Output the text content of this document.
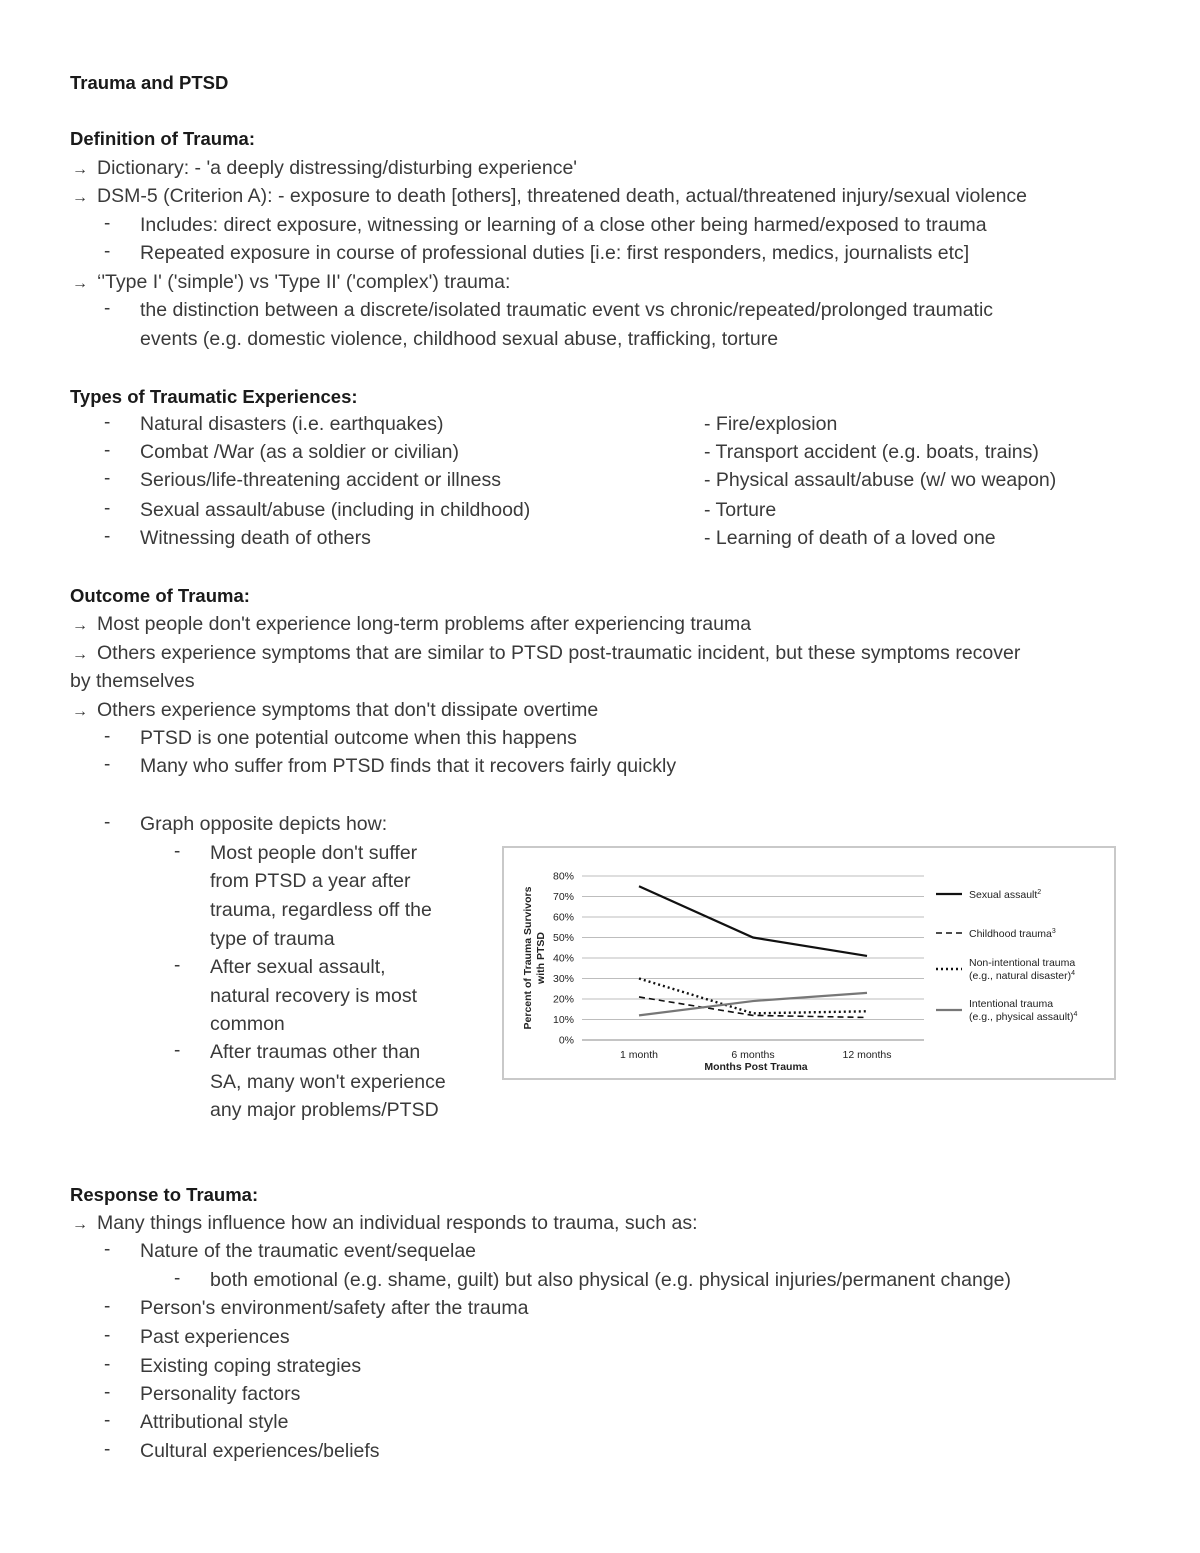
Trauma and PTSD
Definition of Trauma:
→ Dictionary: - 'a deeply distressing/disturbing experience'
→ DSM-5 (Criterion A): - exposure to death [others], threatened death, actual/threatened injury/sexual violence
- Includes: direct exposure, witnessing or learning of a close other being harmed/exposed to trauma
- Repeated exposure in course of professional duties [i.e: first responders, medics, journalists etc]
→ ‘'Type I' ('simple') vs 'Type II' ('complex') trauma:
- the distinction between a discrete/isolated traumatic event vs chronic/repeated/prolonged traumatic
events (e.g. domestic violence, childhood sexual abuse, trafficking, torture
Types of Traumatic Experiences:
- Natural disasters (i.e. earthquakes)
- Combat /War (as a soldier or civilian)
- Serious/life-threatening accident or illness
- Sexual assault/abuse (including in childhood)
- Witnessing death of others
- Fire/explosion
- Transport accident (e.g. boats, trains)
- Physical assault/abuse (w/ wo weapon)
- Torture
- Learning of death of a loved one
Outcome of Trauma:
→ Most people don't experience long-term problems after experiencing trauma
→ Others experience symptoms that are similar to PTSD post-traumatic incident, but these symptoms recover
by themselves
→ Others experience symptoms that don't dissipate overtime
- PTSD is one potential outcome when this happens
- Many who suffer from PTSD finds that it recovers fairly quickly
- Graph opposite depicts how:
- Most people don't suffer
from PTSD a year after
trauma, regardless off the
type of trauma
- After sexual assault,
natural recovery is most
common
- After traumas other than
SA, many won't experience
any major problems/PTSD
0%
10%
20%
30%
40%
50%
60%
70%
80%
1 month	6 months	12 months
Sexual assault$^2$
Childhood trauma$^3$
Non-intentional trauma
(e.g., natural disaster)$^4$
Intentional trauma
(e.g., physical assault)$^4$
Percent of Trauma Survivorswith PTSD
Months Post Trauma
Response to Trauma:
→ Many things influence how an individual responds to trauma, such as:
- Nature of the traumatic event/sequelae
- both emotional (e.g. shame, guilt) but also physical (e.g. physical injuries/permanent change)
- Person's environment/safety after the trauma
- Past experiences
- Existing coping strategies
- Personality factors
- Attributional style
- Cultural experiences/beliefs
